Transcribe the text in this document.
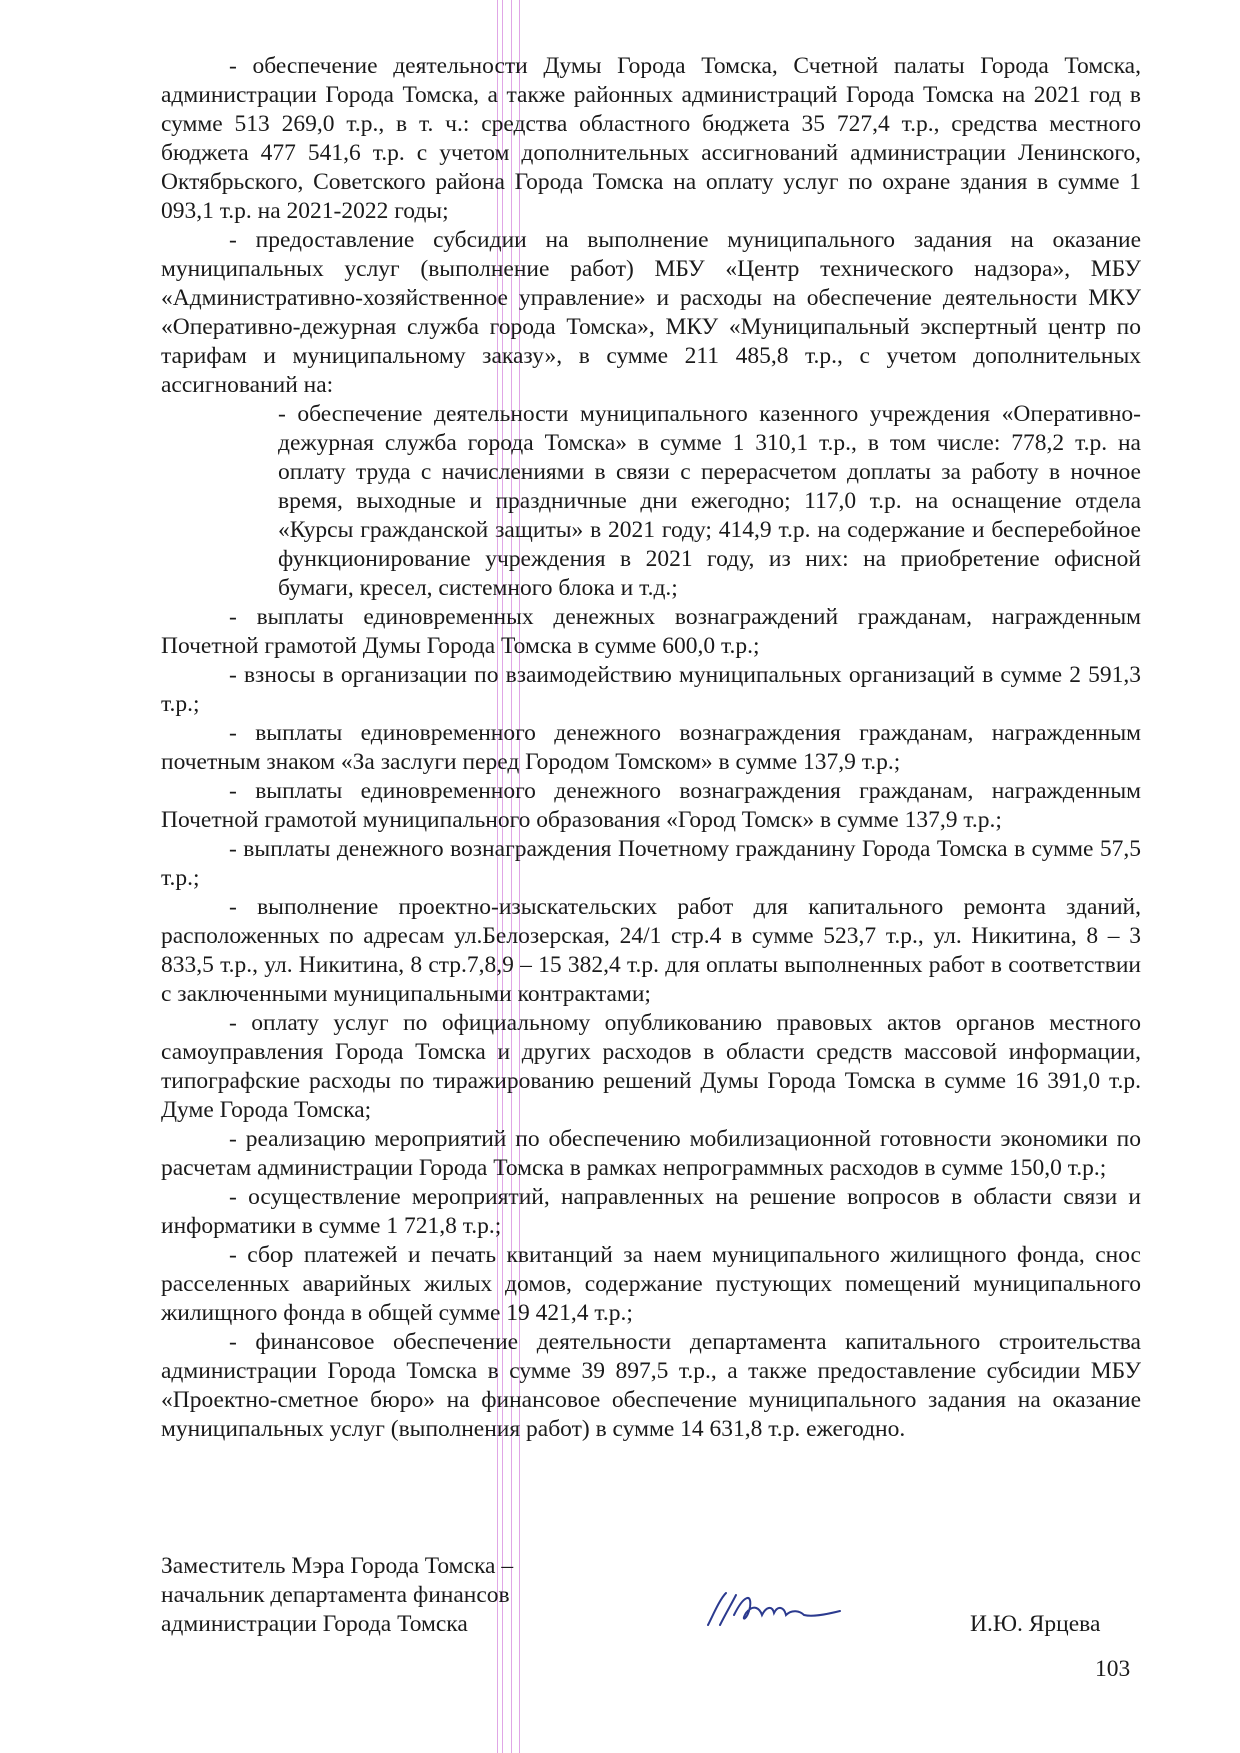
- обеспечение деятельности Думы Города Томска, Счетной палаты Города Томска, администрации Города Томска, а также районных администраций Города Томска на 2021 год в сумме 513 269,0 т.р., в т. ч.: средства областного бюджета 35 727,4 т.р., средства местного бюджета 477 541,6 т.р. с учетом дополнительных ассигнований администрации Ленинского, Октябрьского, Советского района Города Томска на оплату услуг по охране здания в сумме 1 093,1 т.р. на 2021-2022 годы;

- предоставление субсидии на выполнение муниципального задания на оказание муниципальных услуг (выполнение работ) МБУ «Центр технического надзора», МБУ «Административно-хозяйственное управление» и расходы на обеспечение деятельности МКУ «Оперативно-дежурная служба города Томска», МКУ «Муниципальный экспертный центр по тарифам и муниципальному заказу», в сумме 211 485,8 т.р., с учетом дополнительных ассигнований на:

- обеспечение деятельности муниципального казенного учреждения «Оперативно-дежурная служба города Томска» в сумме 1 310,1 т.р., в том числе: 778,2 т.р. на оплату труда с начислениями в связи с перерасчетом доплаты за работу в ночное время, выходные и праздничные дни ежегодно; 117,0 т.р. на оснащение отдела «Курсы гражданской защиты» в 2021 году; 414,9 т.р. на содержание и бесперебойное функционирование учреждения в 2021 году, из них: на приобретение офисной бумаги, кресел, системного блока и т.д.;

- выплаты единовременных денежных вознаграждений гражданам, награжденным Почетной грамотой Думы Города Томска в сумме 600,0 т.р.;

- взносы в организации по взаимодействию муниципальных организаций в сумме 2 591,3 т.р.;

- выплаты единовременного денежного вознаграждения гражданам, награжденным почетным знаком «За заслуги перед Городом Томском» в сумме 137,9 т.р.;

- выплаты единовременного денежного вознаграждения гражданам, награжденным Почетной грамотой муниципального образования «Город Томск» в сумме 137,9 т.р.;

- выплаты денежного вознаграждения Почетному гражданину Города Томска в сумме 57,5 т.р.;

- выполнение проектно-изыскательских работ для капитального ремонта зданий, расположенных по адресам ул.Белозерская, 24/1 стр.4 в сумме 523,7 т.р., ул. Никитина, 8 – 3 833,5 т.р., ул. Никитина, 8 стр.7,8,9 – 15 382,4 т.р. для оплаты выполненных работ в соответствии с заключенными муниципальными контрактами;

- оплату услуг по официальному опубликованию правовых актов органов местного самоуправления Города Томска и других расходов в области средств массовой информации, типографские расходы по тиражированию решений Думы Города Томска в сумме 16 391,0 т.р. Думе Города Томска;

- реализацию мероприятий по обеспечению мобилизационной готовности экономики по расчетам администрации Города Томска в рамках непрограммных расходов в сумме 150,0 т.р.;

- осуществление мероприятий, направленных на решение вопросов в области связи и информатики в сумме 1 721,8 т.р.;

- сбор платежей и печать квитанций за наем муниципального жилищного фонда, снос расселенных аварийных жилых домов, содержание пустующих помещений муниципального жилищного фонда в общей сумме 19 421,4 т.р.;

- финансовое обеспечение деятельности департамента капитального строительства администрации Города Томска в сумме 39 897,5 т.р., а также предоставление субсидии МБУ «Проектно-сметное бюро» на финансовое обеспечение муниципального задания на оказание муниципальных услуг (выполнения работ) в сумме 14 631,8 т.р. ежегодно.

Заместитель Мэра Города Томска –
начальник департамента финансов
администрации Города Томска	И.Ю. Ярцева
103
